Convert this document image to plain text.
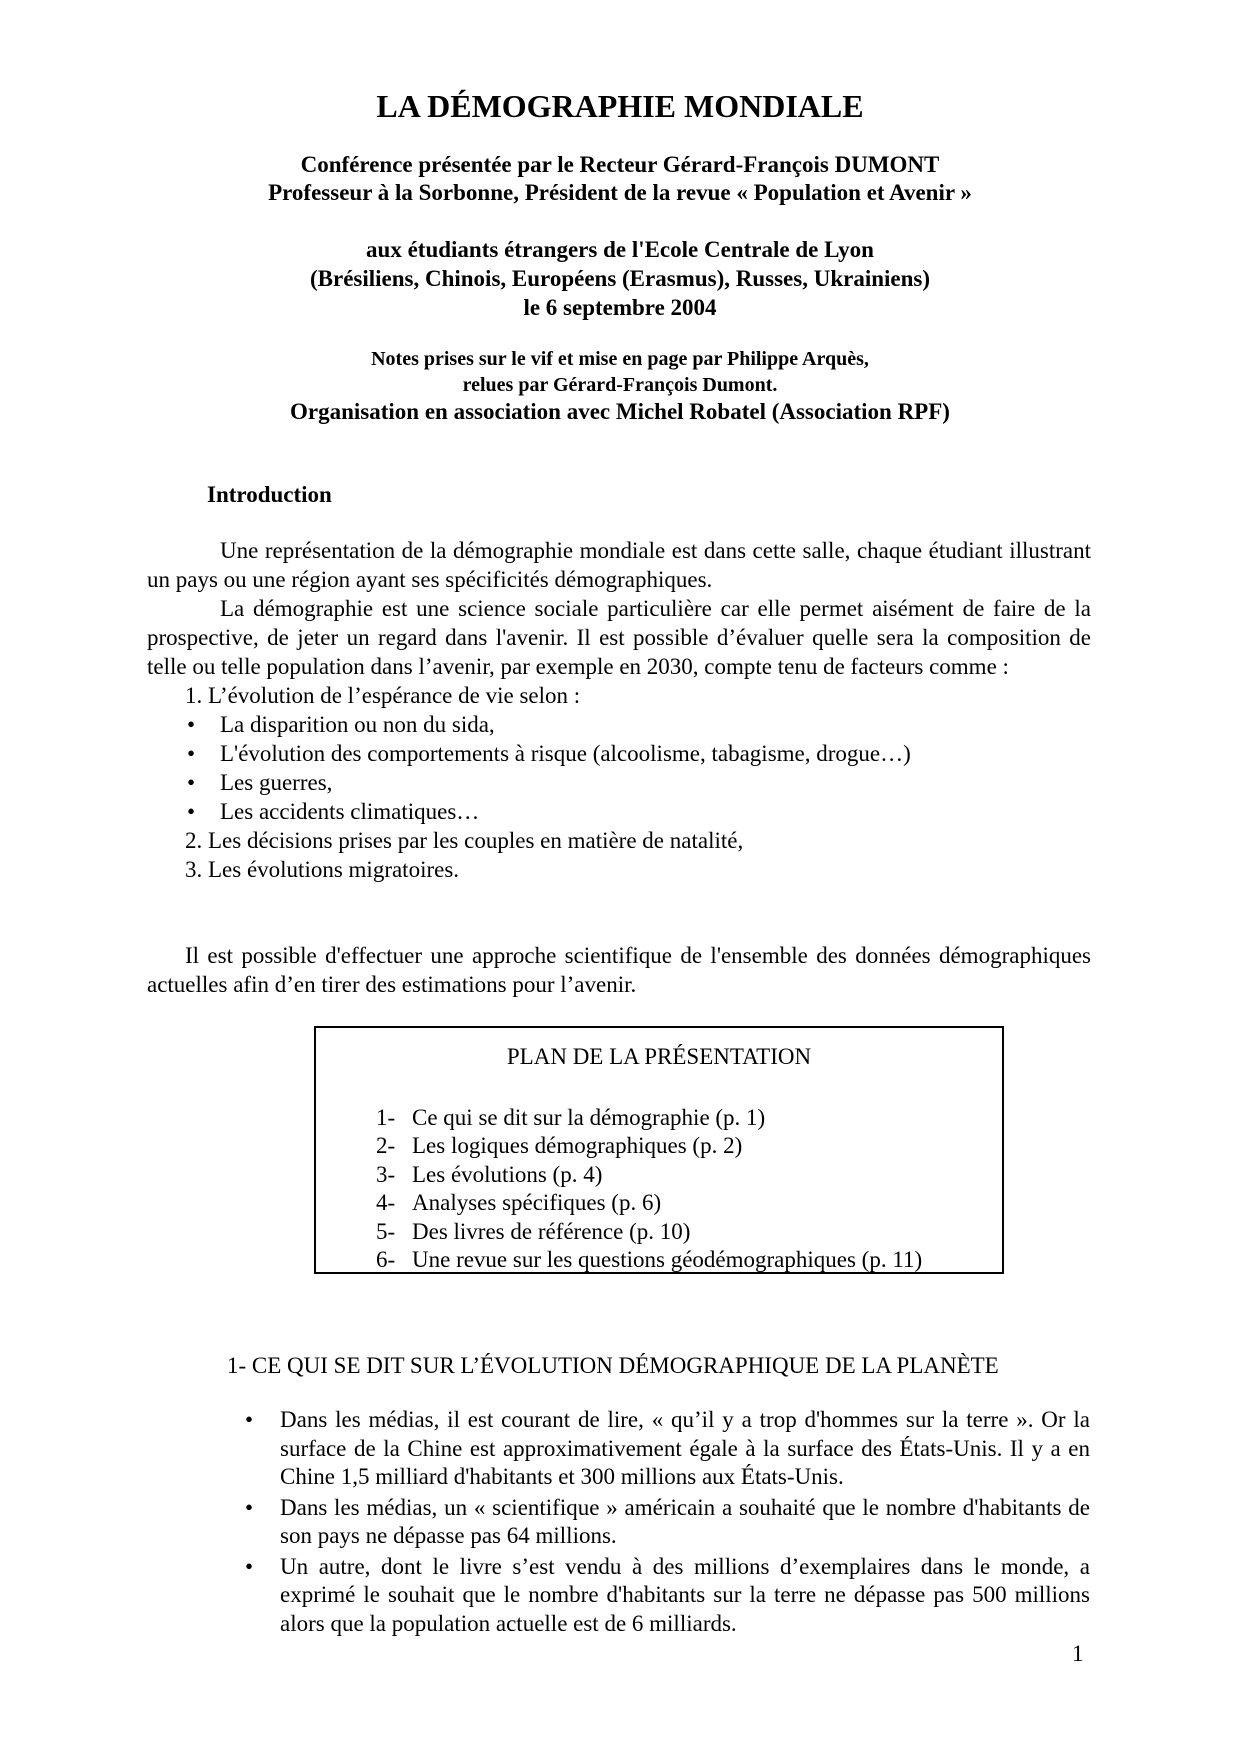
LA DÉMOGRAPHIE MONDIALE
Conférence présentée par le Recteur Gérard-François DUMONT
Professeur à la Sorbonne, Président de la revue « Population et Avenir »
aux étudiants étrangers de l'Ecole Centrale de Lyon
(Brésiliens, Chinois, Européens (Erasmus), Russes, Ukrainiens)
le 6 septembre 2004
Notes prises sur le vif et mise en page par Philippe Arquès,
relues par Gérard-François Dumont.
Organisation en association avec Michel Robatel (Association RPF)
Introduction

Une représentation de la démographie mondiale est dans cette salle, chaque étudiant illustrant un pays ou une région ayant ses spécificités démographiques.

La démographie est une science sociale particulière car elle permet aisément de faire de la prospective, de jeter un regard dans l'avenir. Il est possible d’évaluer quelle sera la composition de telle ou telle population dans l’avenir, par exemple en 2030, compte tenu de facteurs comme :

1. L’évolution de l’espérance de vie selon :

• La disparition ou non du sida,
• L'évolution des comportements à risque (alcoolisme, tabagisme, drogue…)
• Les guerres,
• Les accidents climatiques…

2. Les décisions prises par les couples en matière de natalité,

3. Les évolutions migratoires.

Il est possible d'effectuer une approche scientifique de l'ensemble des données démographiques actuelles afin d’en tirer des estimations pour l’avenir.

PLAN DE LA PRÉSENTATION
1- Ce qui se dit sur la démographie (p. 1)
2- Les logiques démographiques (p. 2)
3- Les évolutions (p. 4)
4- Analyses spécifiques (p. 6)
5- Des livres de référence (p. 10)
6- Une revue sur les questions géodémographiques (p. 11)
1- CE QUI SE DIT SUR L’ÉVOLUTION DÉMOGRAPHIQUE DE LA PLANÈTE
• Dans les médias, il est courant de lire, « qu’il y a trop d'hommes sur la terre ». Or la surface de la Chine est approximativement égale à la surface des États-Unis. Il y a en Chine 1,5 milliard d'habitants et 300 millions aux États-Unis.
• Dans les médias, un « scientifique » américain a souhaité que le nombre d'habitants de son pays ne dépasse pas 64 millions.
• Un autre, dont le livre s’est vendu à des millions d’exemplaires dans le monde, a exprimé le souhait que le nombre d'habitants sur la terre ne dépasse pas 500 millions alors que la population actuelle est de 6 milliards.
1
